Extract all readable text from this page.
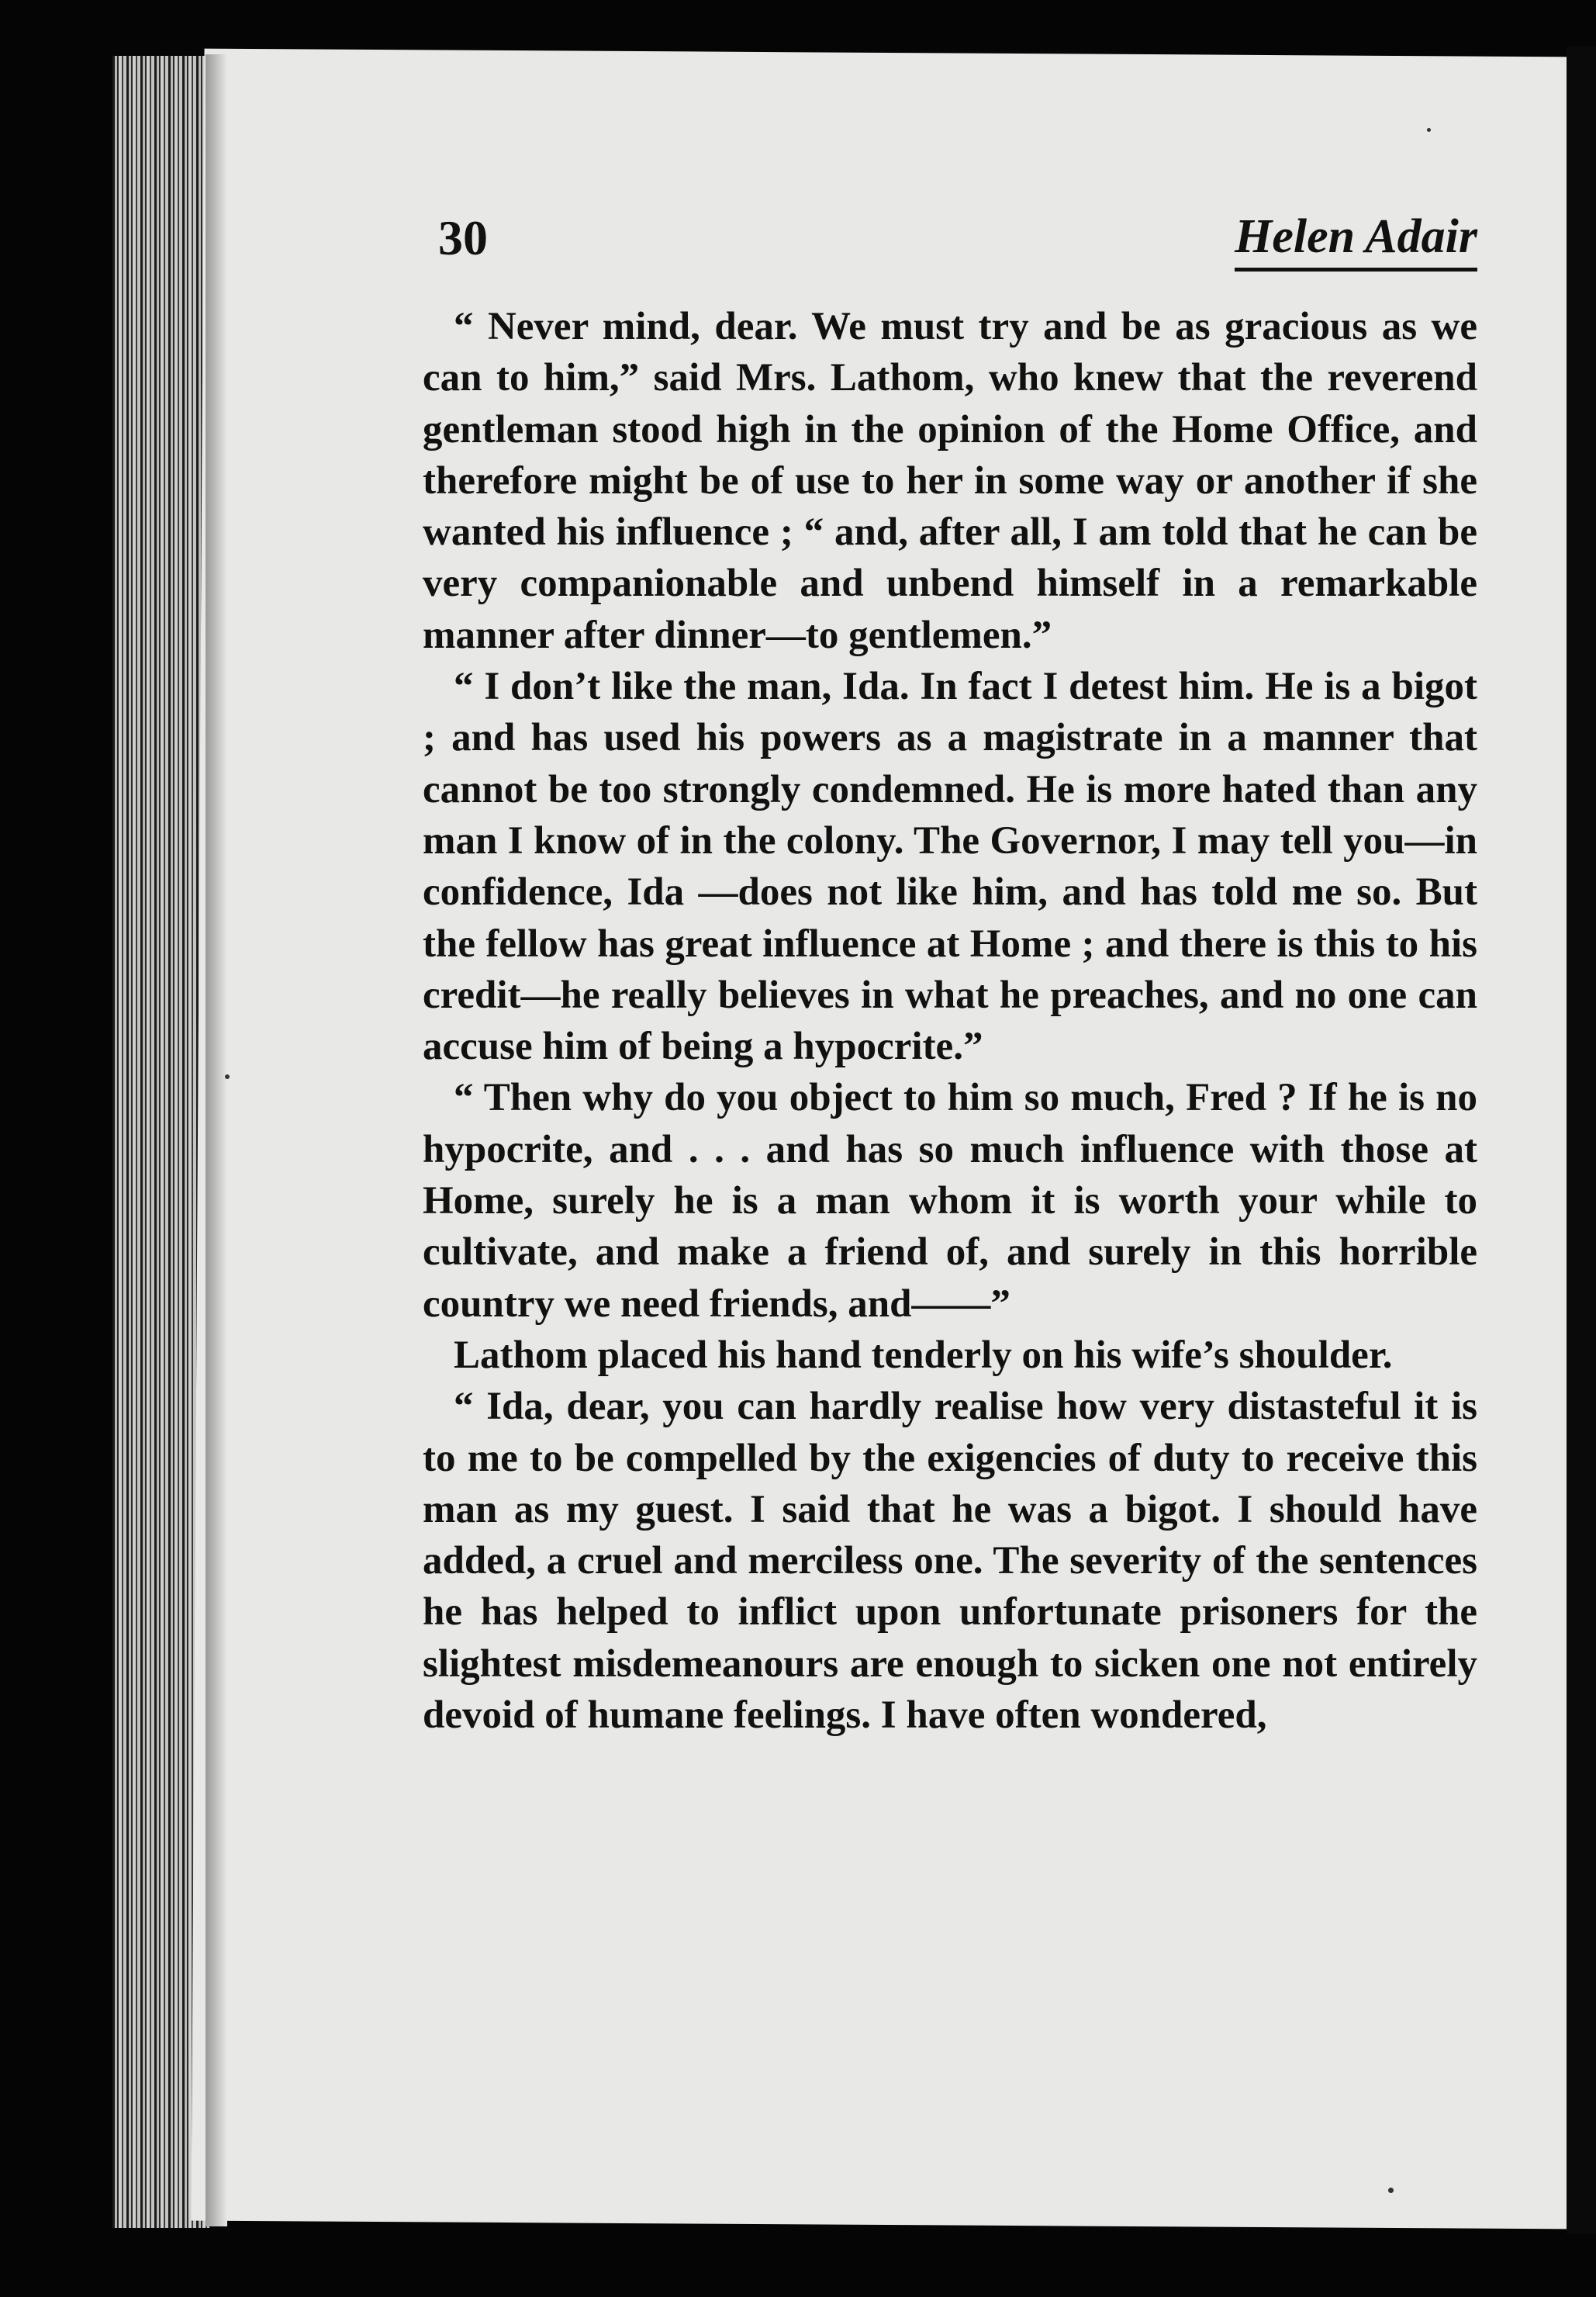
30	Helen Adair

“ Never mind, dear. We must try and be as gracious as we can to him,” said Mrs. Lathom, who knew that the reverend gentleman stood high in the opinion of the Home Office, and therefore might be of use to her in some way or another if she wanted his influence ; “ and, after all, I am told that he can be very companionable and unbend himself in a remarkable manner after dinner—to gentlemen.”

“ I don’t like the man, Ida. In fact I detest him. He is a bigot ; and has used his powers as a magistrate in a manner that cannot be too strongly condemned. He is more hated than any man I know of in the colony. The Governor, I may tell you—in confidence, Ida —does not like him, and has told me so. But the fellow has great influence at Home ; and there is this to his credit—he really believes in what he preaches, and no one can accuse him of being a hypocrite.”

“ Then why do you object to him so much, Fred ? If he is no hypocrite, and . . . and has so much influence with those at Home, surely he is a man whom it is worth your while to cultivate, and make a friend of, and surely in this horrible country we need friends, and——”

Lathom placed his hand tenderly on his wife’s shoulder.

“ Ida, dear, you can hardly realise how very distasteful it is to me to be compelled by the exigencies of duty to receive this man as my guest. I said that he was a bigot. I should have added, a cruel and merciless one. The severity of the sentences he has helped to inflict upon unfortunate prisoners for the slightest misdemeanours are enough to sicken one not entirely devoid of humane feelings. I have often wondered,
